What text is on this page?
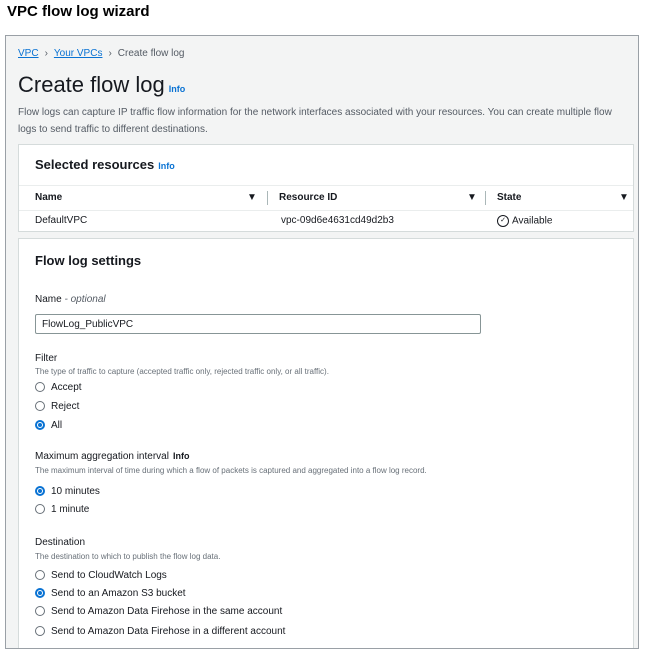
VPC flow log wizard
VPC › Your VPCs › Create flow log
Create flow log Info
Flow logs can capture IP traffic flow information for the network interfaces associated with your resources. You can create multiple flow logs to send traffic to different destinations.
Selected resources Info
Name	▼ Resource ID	▼ State	▼
DefaultVPC	vpc-09d6e4631cd49d2b3	✓ Available
Flow log settings
Name - optional
FlowLog_PublicVPC
Filter
The type of traffic to capture (accepted traffic only, rejected traffic only, or all traffic).
Accept
Reject
All
Maximum aggregation interval Info
The maximum interval of time during which a flow of packets is captured and aggregated into a flow log record.
10 minutes
1 minute
Destination
The destination to which to publish the flow log data.
Send to CloudWatch Logs
Send to an Amazon S3 bucket
Send to Amazon Data Firehose in the same account
Send to Amazon Data Firehose in a different account
